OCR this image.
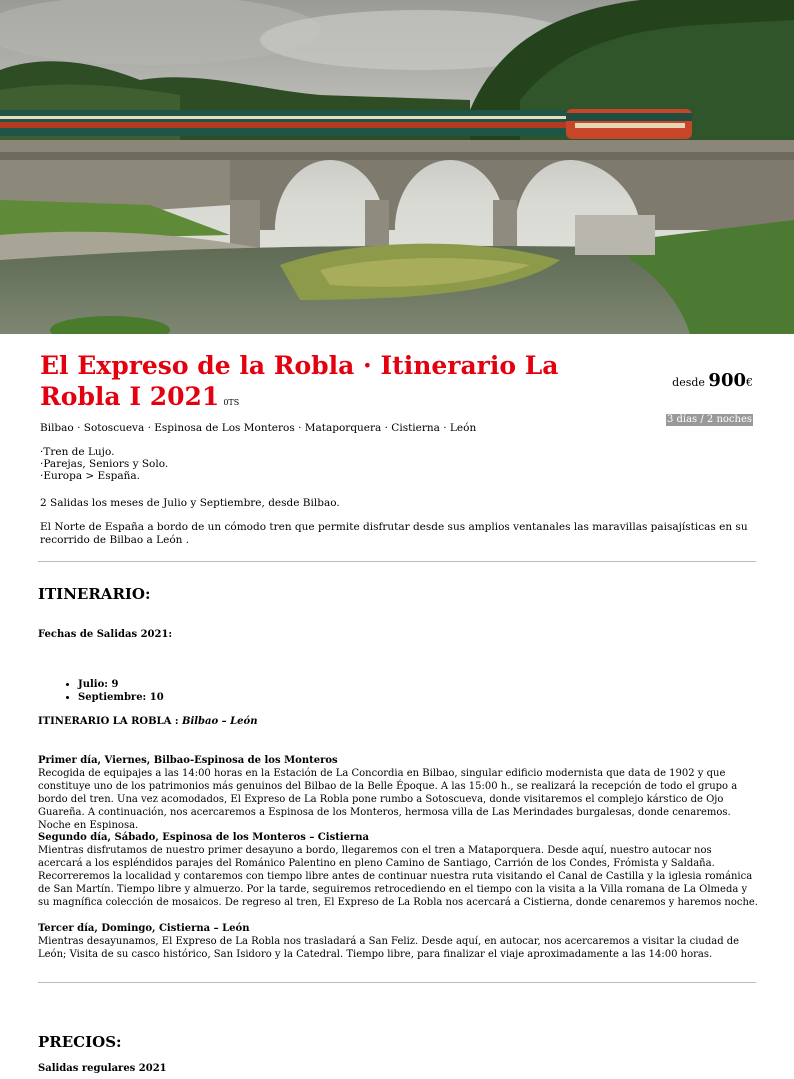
El Expreso de la Robla · Itinerario La Robla I 2021 0TS
desde 900€
3 días / 2 noches
Bilbao · Sotoscueva · Espinosa de Los Monteros · Mataporquera · Cistierna · León
·Tren de Lujo.
·Parejas, Seniors y Solo.
·Europa > España.
2 Salidas los meses de Julio y Septiembre, desde Bilbao.
El Norte de España a bordo de un cómodo tren que permite disfrutar desde sus amplios ventanales las maravillas paisajísticas en su recorrido de Bilbao a León .
ITINERARIO:
Fechas de Salidas 2021:
• Julio: 9
• Septiembre: 10
ITINERARIO LA ROBLA : Bilbao – León
Primer día, Viernes, Bilbao-Espinosa de los Monteros
Recogida de equipajes a las 14:00 horas en la Estación de La Concordia en Bilbao, singular edificio modernista que data de 1902 y que constituye uno de los patrimonios más genuinos del Bilbao de la Belle Époque. A las 15:00 h., se realizará la recepción de todo el grupo a bordo del tren. Una vez acomodados, El Expreso de La Robla pone rumbo a Sotoscueva, donde visitaremos el complejo kárstico de Ojo Guareña. A continuación, nos acercaremos a Espinosa de los Monteros, hermosa villa de Las Merindades burgalesas, donde cenaremos. Noche en Espinosa.
Segundo día, Sábado, Espinosa de los Monteros – Cistierna
Mientras disfrutamos de nuestro primer desayuno a bordo, llegaremos con el tren a Mataporquera. Desde aquí, nuestro autocar nos acercará a los espléndidos parajes del Románico Palentino en pleno Camino de Santiago, Carrión de los Condes, Frómista y Saldaña. Recorreremos la localidad y contaremos con tiempo libre antes de continuar nuestra ruta visitando el Canal de Castilla y la iglesia románica de San Martín. Tiempo libre y almuerzo. Por la tarde, seguiremos retrocediendo en el tiempo con la visita a la Villa romana de La Olmeda y su magnífica colección de mosaicos. De regreso al tren, El Expreso de La Robla nos acercará a Cistierna, donde cenaremos y haremos noche.
Tercer día, Domingo, Cistierna – León
Mientras desayunamos, El Expreso de La Robla nos trasladará a San Feliz. Desde aquí, en autocar, nos acercaremos a visitar la ciudad de León; Visita de su casco histórico, San Isidoro y la Catedral. Tiempo libre, para finalizar el viaje aproximadamente a las 14:00 horas.
PRECIOS:
Salidas regulares 2021
